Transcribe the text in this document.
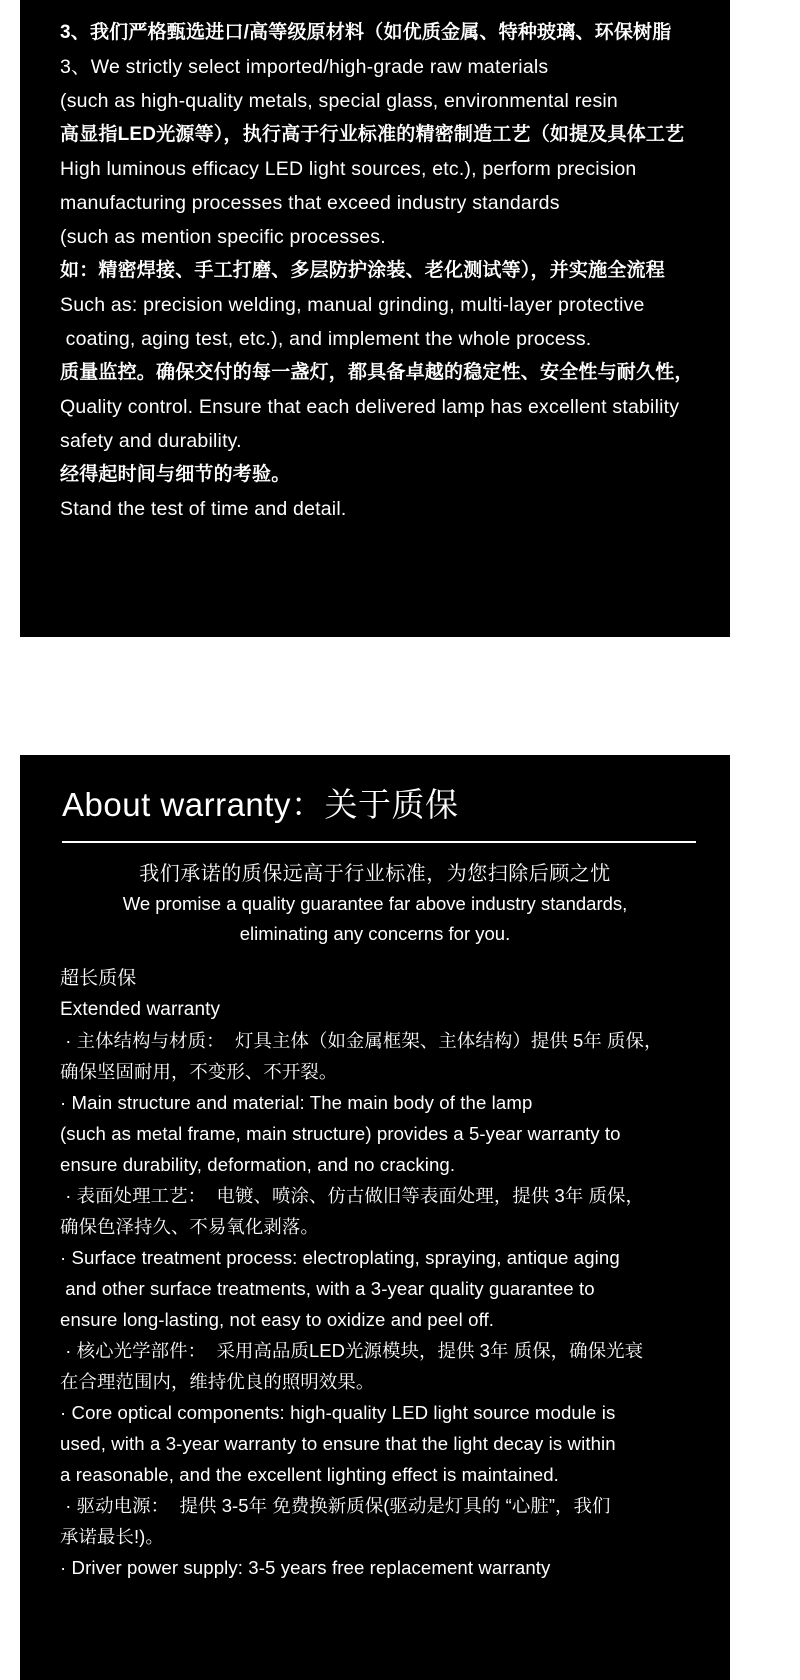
3、我们严格甄选进口/高等级原材料（如优质金属、特种玻璃、环保树脂
3、We strictly select imported/high-grade raw materials
(such as high-quality metals, special glass, environmental resin
高显指LED光源等），执行高于行业标准的精密制造工艺（如提及具体工艺
High luminous efficacy LED light sources, etc.), perform precision
manufacturing processes that exceed industry standards
(such as mention specific processes.
如：精密焊接、手工打磨、多层防护涂装、老化测试等），并实施全流程
Such as: precision welding, manual grinding, multi-layer protective
coating, aging test, etc.), and implement the whole process.
质量监控。确保交付的每一盏灯，都具备卓越的稳定性、安全性与耐久性，
Quality control. Ensure that each delivered lamp has excellent stability
safety and durability.
经得起时间与细节的考验。
Stand the test of time and detail.
About warranty：关于质保
我们承诺的质保远高于行业标准，为您扫除后顾之忧
We promise a quality guarantee far above industry standards,
eliminating any concerns for you.
超长质保
Extended warranty
· 主体结构与材质：  灯具主体（如金属框架、主体结构）提供 5年 质保，
确保坚固耐用，不变形、不开裂。
· Main structure and material: The main body of the lamp
(such as metal frame, main structure) provides a 5-year warranty to
ensure durability, deformation, and no cracking.
· 表面处理工艺：  电镀、喷涂、仿古做旧等表面处理，提供 3年 质保，
确保色泽持久、不易氧化剥落。
· Surface treatment process: electroplating, spraying, antique aging
and other surface treatments, with a 3-year quality guarantee to
ensure long-lasting, not easy to oxidize and peel off.
· 核心光学部件：  采用高品质LED光源模块，提供 3年 质保，确保光衰
在合理范围内，维持优良的照明效果。
· Core optical components: high-quality LED light source module is
used, with a 3-year warranty to ensure that the light decay is within
a reasonable, and the excellent lighting effect is maintained.
· 驱动电源：  提供 3-5年 免费换新质保(驱动是灯具的 “心脏”，我们
承诺最长!)。
· Driver power supply: 3-5 years free replacement warranty
